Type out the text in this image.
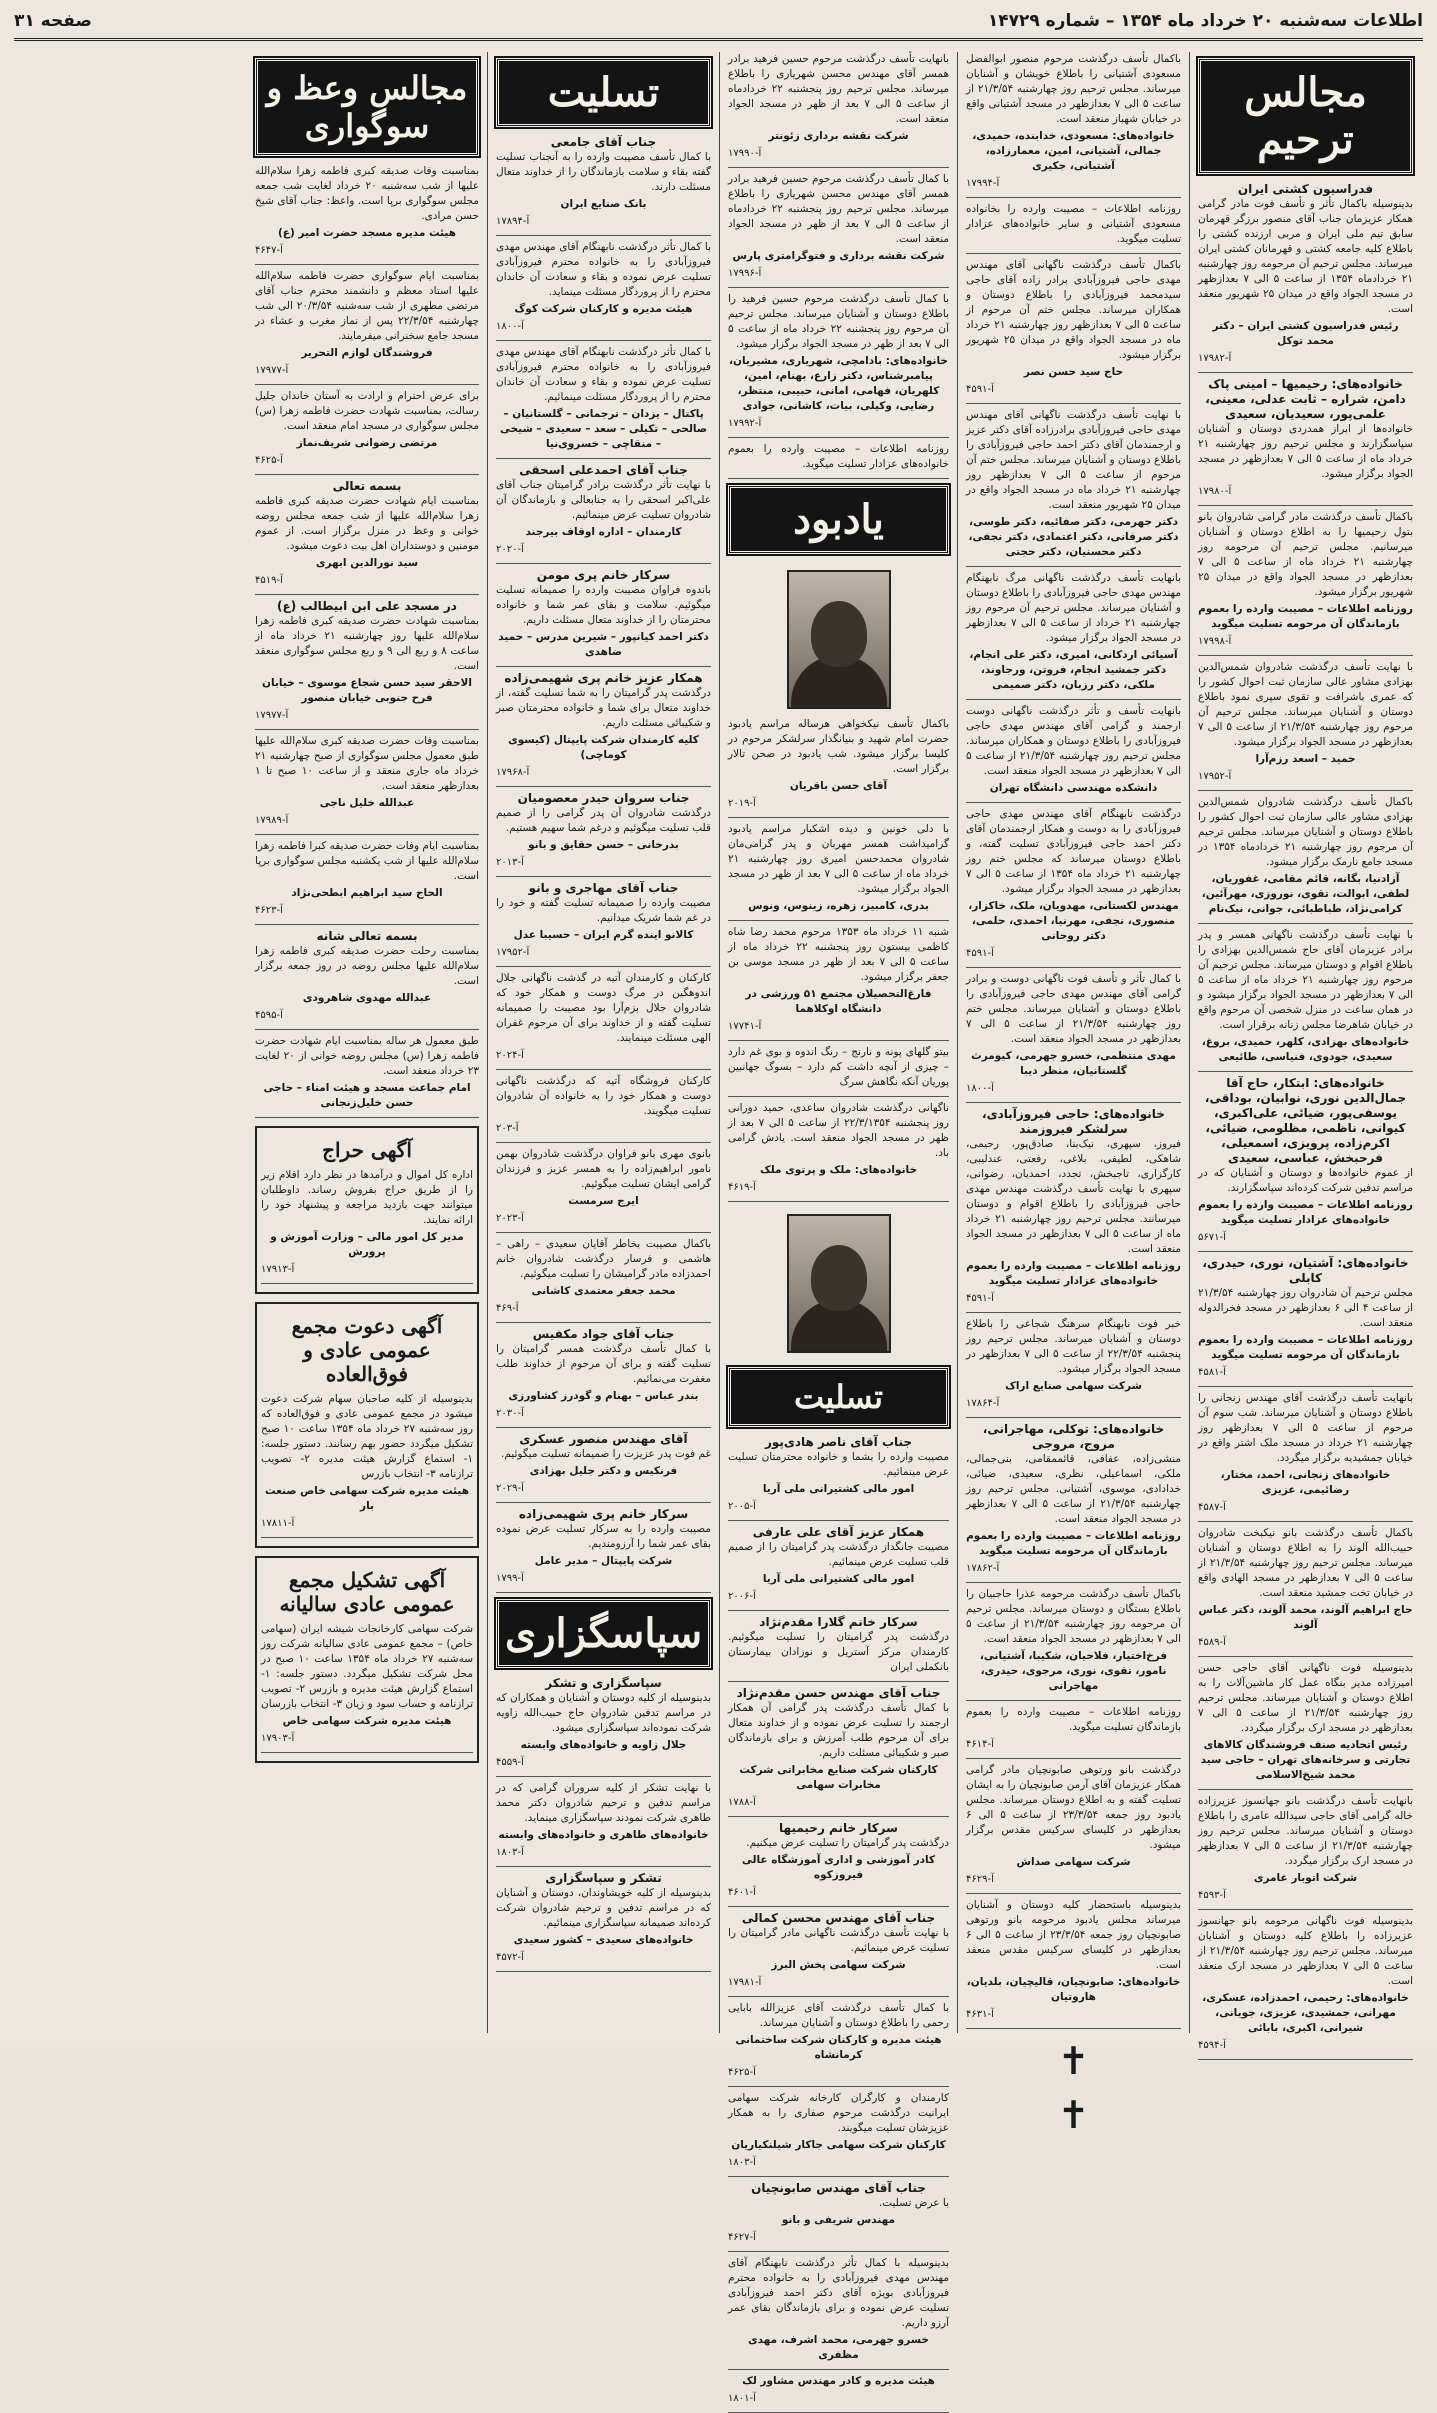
اطلاعات سه‌شنبه ۲۰ خرداد ماه ۱۳۵۴ – شماره ۱۴۷۲۹
صفحه ۳۱
مجالس ترحیم
فدراسیون کشتی ایران

بدینوسیله باکمال تأثر و تأسف فوت مادر گرامی همکار عزیزمان جناب آقای منصور برزگر قهرمان سابق تیم ملی ایران و مربی ارزنده کشتی را باطلاع کلیه جامعه کشتی و قهرمانان کشتی ایران میرساند. مجلس ترحیم آن مرحومه روز چهارشنبه ۲۱ خردادماه ۱۳۵۴ از ساعت ۵ الی ۷ بعدازظهر در مسجد الجواد واقع در میدان ۲۵ شهریور منعقد است.

رئیس فدراسیون کشتی ایران – دکتر محمد توکل
آ-۱۷۹۸۲
خانواده‌های: رحیمیها – امینی پاک دامن، شراره – ثابت عدلی، معینی، علمی‌پور، سعیدیان، سعیدی

خانواده‌ها از ابراز همدردی دوستان و آشنایان سپاسگزارند و مجلس ترحیم روز چهارشنبه ۲۱ خرداد ماه از ساعت ۵ الی ۷ بعدازظهر در مسجد الجواد برگزار میشود.

آ-۱۷۹۸۰

باکمال تأسف درگذشت مادر گرامی شادروان بانو بتول رحیمیها را به اطلاع دوستان و آشنایان میرسانیم. مجلس ترحیم آن مرحومه روز چهارشنبه ۲۱ خرداد ماه از ساعت ۵ الی ۷ بعدازظهر در مسجد الجواد واقع در میدان ۲۵ شهریور برگزار میشود.

روزنامه اطلاعات – مصیبت وارده را بعموم بازماندگان آن مرحومه تسلیت میگوید
آ-۱۷۹۹۸

با نهایت تأسف درگذشت شادروان شمس‌الدین بهزادی مشاور عالی سازمان ثبت احوال کشور را که عمری باشرافت و تقوی سپری نمود باطلاع دوستان و آشنایان میرساند. مجلس ترحیم آن مرحوم روز چهارشنبه ۲۱/۳/۵۴ از ساعت ۵ الی ۷ بعدازظهر در مسجد الجواد برگزار میشود.

حمید – اسعد رزم‌آرا
آ-۱۷۹۵۲

باکمال تأسف درگذشت شادروان شمس‌الدین بهزادی مشاور عالی سازمان ثبت احوال کشور را باطلاع دوستان و آشنایان میرساند. مجلس ترحیم آن مرحوم روز چهارشنبه ۲۱ خردادماه ۱۳۵۴ در مسجد جامع نارمک برگزار میشود.

آزادنیا، بگانه، قائم مقامی، غفوریان، لطفی، ابوالت، تقوی، نوروزی، مهرآئین، کرامی‌نژاد، طباطبائی، جوانی، نیک‌نام

با نهایت تأسف درگذشت ناگهانی همسر و پدر برادر عزیزمان آقای حاج شمس‌الدین بهزادی را باطلاع اقوام و دوستان میرساند. مجلس ترحیم آن مرحوم روز چهارشنبه ۲۱ خرداد ماه از ساعت ۵ الی ۷ بعدازظهر در مسجد الجواد برگزار میشود و در همان ساعت در منزل شخصی آن مرحوم واقع در خیابان شاهرضا مجلس زنانه برقرار است.

خانواده‌های بهزادی، کلهر، حمیدی، بروغ، سعیدی، جودوی، فنیاسی، طائیعی
خانواده‌های: ابتکار، حاج آقا جمال‌الدین نوری، نوابیان، بوداقی، یوسفی‌پور، ضیائی، علی‌اکبری، کیوانی، ناظمی، مظلومی، ضیائی، اکرم‌زاده، پرویزی، اسمعیلی، فرحبخش، عباسی، سعیدی

از عموم خانواده‌ها و دوستان و آشنایان که در مراسم تدفین شرکت کرده‌اند سپاسگزارند.

روزنامه اطلاعات – مصیبت وارده را بعموم خانواده‌های عزادار تسلیت میگوید
آ-۵۶۷۱
خانواده‌های: آشتیان، نوری، حیدری، کابلی

مجلس ترحیم آن شادروان روز چهارشنبه ۲۱/۳/۵۴ از ساعت ۴ الی ۶ بعدازظهر در مسجد فخرالدوله منعقد است.

روزنامه اطلاعات – مصیبت وارده را بعموم بازماندگان آن مرحومه تسلیت میگوید
آ-۴۵۸۱

بانهایت تأسف درگذشت آقای مهندس زنجانی را باطلاع دوستان و آشنایان میرساند. شب سوم آن مرحوم از ساعت ۵ الی ۷ بعدازظهر روز چهارشنبه ۲۱ خرداد در مسجد ملک اشتر واقع در خیابان جمشیدیه برگزار میگردد.

خانواده‌های زنجانی، احمد، مختار، رضائیمی، عزیزی
آ-۴۵۸۷

باکمال تأسف درگذشت بانو نیکبخت شادروان حبیب‌الله آلوند را به اطلاع دوستان و آشنایان میرساند. مجلس ترحیم روز چهارشنبه ۲۱/۳/۵۴ از ساعت ۵ الی ۷ بعدازظهر در مسجد الهادی واقع در خیابان تخت جمشید منعقد است.

حاج ابراهیم آلوند، محمد آلوند، دکتر عباس آلوند
آ-۴۵۸۹

بدینوسیله فوت ناگهانی آقای حاجی حسن امیرزاده مدیر بنگاه عمل کار ماشین‌آلات را به اطلاع دوستان و آشنایان میرساند. مجلس ترحیم روز چهارشنبه ۲۱/۳/۵۴ از ساعت ۵ الی ۷ بعدازظهر در مسجد ارک برگزار میگردد.

رئیس اتحادیه صنف فروشندگان کالاهای تجارتی و سرخانه‌های تهران – حاجی سید محمد شیخ‌الاسلامی

بانهایت تأسف درگذشت بانو جهانسوز عزیرزاده خاله گرامی آقای حاجی سیدالله عامری را باطلاع دوستان و آشنایان میرساند. مجلس ترحیم روز چهارشنبه ۲۱/۳/۵۴ از ساعت ۵ الی ۷ بعدازظهر در مسجد ارک برگزار میگردد.

شرکت اتوبار عامری
آ-۴۵۹۳

بدینوسیله فوت ناگهانی مرحومه بانو جهانسوز عزیرزاده را باطلاع کلیه دوستان و آشنایان میرساند. مجلس ترحیم روز چهارشنبه ۲۱/۳/۵۴ از ساعت ۵ الی ۷ بعدازظهر در مسجد ارک منعقد است.

خانواده‌های: رحیمی، احمدزاده، عسکری، مهرانی، جمشیدی، عزیزی، جویانی، شیرانی، اکبری، بابائی
آ-۴۵۹۴

باکمال تأسف درگذشت مرحوم منصور ابوالفضل مسعودی آشتیانی را باطلاع خویشان و آشنایان میرساند. مجلس ترحیم روز چهارشنبه ۲۱/۳/۵۴ از ساعت ۵ الی ۷ بعدازظهر در مسجد آشتیانی واقع در خیابان شهباز منعقد است.

خانواده‌های: مسعودی، خدابنده، حمیدی، جمالی، آشتیانی، امین، معمارزاده، آشتیانی، جکیری
آ-۱۷۹۹۴

روزنامه اطلاعات – مصیبت وارده را بخانواده مسعودی آشتیانی و سایر خانواده‌های عزادار تسلیت میگوید.

باکمال تأسف درگذشت ناگهانی آقای مهندس مهدی حاجی فیروزآبادی برادر زاده آقای حاجی سیدمحمد فیروزآبادی را باطلاع دوستان و همکاران میرساند. مجلس ختم آن مرحوم از ساعت ۵ الی ۷ بعدازظهر روز چهارشنبه ۲۱ خرداد ماه در مسجد الجواد واقع در میدان ۲۵ شهریور برگزار میشود.

حاج سید حسن نصر
آ-۴۵۹۱

با نهایت تأسف درگذشت ناگهانی آقای مهندس مهدی حاجی فیروزآبادی برادرزاده آقای دکتر عزیز و ارجمندمان آقای دکتر احمد حاجی فیروزآبادی را باطلاع دوستان و آشنایان میرساند. مجلس ختم آن مرحوم از ساعت ۵ الی ۷ بعدازظهر روز چهارشنبه ۲۱ خرداد ماه در مسجد الجواد واقع در میدان ۲۵ شهریور منعقد است.

دکتر جهرمی، دکتر صفائیه، دکتر طوسی، دکتر صرفانی، دکتر اعتمادی، دکتر نجفی، دکتر محسنیان، دکتر حجتی

بانهایت تأسف درگذشت ناگهانی مرگ نابهنگام مهندس مهدی حاجی فیروزآبادی را باطلاع دوستان و آشنایان میرساند. مجلس ترحیم آن مرحوم روز چهارشنبه ۲۱ خرداد از ساعت ۵ الی ۷ بعدازظهر در مسجد الجواد برگزار میشود.

آسیائی اردکانی، امیری، دکتر علی انجام، دکتر جمشید انجام، فروتن، ورجاوند، ملکی، دکتر رزبان، دکتر صمیمی

بانهایت تأسف و تأثر درگذشت ناگهانی دوست ارجمند و گرامی آقای مهندس مهدی حاجی فیروزآبادی را باطلاع دوستان و همکاران میرساند. مجلس ترحیم روز چهارشنبه ۲۱/۳/۵۴ از ساعت ۵ الی ۷ بعدازظهر در مسجد الجواد منعقد است.

دانشکده مهندسی دانشگاه تهران

درگذشت نابهنگام آقای مهندس مهدی حاجی فیروزآبادی را به دوست و همکار ارجمندمان آقای دکتر احمد حاجی فیروزآبادی تسلیت گفته، و باطلاع دوستان میرساند که مجلس ختم روز چهارشنبه ۲۱ خرداد ماه ۱۳۵۴ از ساعت ۵ الی ۷ بعدازظهر در مسجد الجواد برگزار میشود.

مهندس لکستانی، مهدویان، ملک، خاکزار، منصوری، نجفی، مهرنیا، احمدی، حلمی، دکتر روحانی
آ-۴۵۹۱

با کمال تأثر و تأسف فوت ناگهانی دوست و برادر گرامی آقای مهندس مهدی حاجی فیروزآبادی را باطلاع دوستان و آشنایان میرساند. مجلس ختم روز چهارشنبه ۲۱/۳/۵۴ از ساعت ۵ الی ۷ بعدازظهر در مسجد الجواد منعقد است.

مهدی منتظمی، خسرو جهرمی، کیومرث گلستانیان، منظر دیبا
آ-۱۸۰۰
خانواده‌های: حاجی فیروزآبادی، سرلشکر فیروزمند

فیروز، سپهری، نیک‌بنا، صادق‌پور، رحیمی، شاهکی، لطیفی، بلاغی، رفعتی، عندلیبی، کارگزاری، تاجبخش، تجدد، احمدیان، رضوانی، سپهری با نهایت تأسف درگذشت مهندس مهدی حاجی فیروزآبادی را باطلاع اقوام و دوستان میرسانند. مجلس ترحیم روز چهارشنبه ۲۱ خرداد ماه از ساعت ۵ الی ۷ بعدازظهر در مسجد الجواد منعقد است.

روزنامه اطلاعات – مصیبت وارده را بعموم خانواده‌های عزادار تسلیت میگوید
آ-۴۵۹۱

خبر فوت نابهنگام سرهنگ شجاعی را باطلاع دوستان و آشنایان میرساند. مجلس ترحیم روز پنجشنبه ۲۲/۳/۵۴ از ساعت ۵ الی ۷ بعدازظهر در مسجد الجواد برگزار میشود.

شرکت سهامی صنایع اراک
آ-۱۷۸۶۴
خانواده‌های: توکلی، مهاجرانی، مروج، مروجی

منشی‌زاده، عفافی، قائممقامی، بنی‌جمالی، ملکی، اسماعیلی، نظری، سعیدی، ضیائی، خدادادی، موسوی، آشتیانی. مجلس ترحیم روز چهارشنبه ۲۱/۳/۵۴ از ساعت ۵ الی ۷ بعدازظهر در مسجد الجواد منعقد است.

روزنامه اطلاعات – مصیبت وارده را بعموم بازماندگان آن مرحومه تسلیت میگوید
آ-۱۷۸۶۲

باکمال تأسف درگذشت مرحومه عذرا حاجبیان را باطلاع بستگان و دوستان میرساند. مجلس ترحیم آن مرحومه روز چهارشنبه ۲۱/۳/۵۴ از ساعت ۵ الی ۷ بعدازظهر در مسجد الجواد منعقد است.

فرخ‌اختیار، فلاحیان، شکیبا، آشتیانی، نامور، تقوی، نوری، مرجوی، حیدری، مهاجرانی

روزنامه اطلاعات – مصیبت وارده را بعموم بازماندگان تسلیت میگوید.

آ-۴۶۱۴

درگذشت بانو ورتوهی صابونچیان مادر گرامی همکار عزیزمان آقای آرمن صابونچیان را به ایشان تسلیت گفته و به اطلاع دوستان میرساند. مجلس یادبود روز جمعه ۲۳/۳/۵۴ از ساعت ۵ الی ۶ بعدازظهر در کلیسای سرکیس مقدس برگزار میشود.

شرکت سهامی صداش
آ-۴۶۲۹

بدینوسیله باستحضار کلیه دوستان و آشنایان میرساند مجلس یادبود مرحومه بانو ورتوهی صابونچیان روز جمعه ۲۳/۳/۵۴ از ساعت ۵ الی ۶ بعدازظهر در کلیسای سرکیس مقدس منعقد است.

خانواده‌های: صابونچیان، قالیچیان، بلدیان، هاروتیان
آ-۴۶۳۱
✝
✝

بانهایت تأسف درگذشت مرحوم حسین فرهید برادر همسر آقای مهندس محسن شهریاری را باطلاع میرساند. مجلس ترحیم روز پنجشنبه ۲۲ خردادماه از ساعت ۵ الی ۷ بعد از ظهر در مسجد الجواد منعقد است.

شرکت نقشه برداری زئونتر
آ-۱۷۹۹۰

با کمال تأسف درگذشت مرحوم حسین فرهید برادر همسر آقای مهندس محسن شهریاری را باطلاع میرساند. مجلس ترحیم روز پنجشنبه ۲۲ خردادماه از ساعت ۵ الی ۷ بعد از ظهر در مسجد الجواد منعقد است.

شرکت نقشه برداری و فتوگرامتری پارس
آ-۱۷۹۹۶

با کمال تأسف درگذشت مرحوم حسین فرهید را باطلاع دوستان و آشنایان میرساند. مجلس ترحیم آن مرحوم روز پنجشنبه ۲۲ خرداد ماه از ساعت ۵ الی ۷ بعد از ظهر در مسجد الجواد برگزار میشود.

خانواده‌های: بادامچی، شهریاری، مشیریان، پیامبرشناس، دکتر زارع، بهنام، امین، کلهریان، فهامی، امانی، حبیبی، منتظر، رضایی، وکیلی، بیات، کاشانی، جوادی
آ-۱۷۹۹۲

روزنامه اطلاعات – مصیبت وارده را بعموم خانواده‌های عزادار تسلیت میگوید.

یادبود

باکمال تأسف نیکخواهی هرساله مراسم یادبود حضرت امام شهید و بنیانگذار سرلشکر مرحوم در کلیسا برگزار میشود. شب یادبود در صحن تالار برگزار است.

آقای حسن باقریان
آ-۲۰۱۹

با دلی خونین و دیده اشکبار مراسم یادبود گرامیداشت همسر مهربان و پدر گرامی‌مان شادروان محمدحسن امیری روز چهارشنبه ۲۱ خرداد ماه از ساعت ۵ الی ۷ بعد از ظهر در مسجد الجواد برگزار میشود.

بدری، کامبیز، زهره، زینوس، ونوس

شنبه ۱۱ خرداد ماه ۱۳۵۳ مرحوم محمد رضا شاه کاظمی بیستون روز پنجشنبه ۲۲ خرداد ماه از ساعت ۵ الی ۷ بعد از ظهر در مسجد موسی بن جعفر برگزار میشود.

فارغ‌التحصیلان مجتمع ۵۱ ورزشی در دانشگاه اوکلاهما
آ-۱۷۷۴۱

بیتو گلهای پونه و نارنج – رنگ اندوه و بوی غم دارد – چیزی از آنچه داشت کم دارد – بسوگ جهانبین پوریان آنکه نگاهش سرگ

ناگهانی درگذشت شادروان ساعدی، حمید دورانی روز پنجشنبه ۲۲/۳/۱۳۵۴ از ساعت ۵ الی ۷ بعد از ظهر در مسجد الجواد منعقد است. یادش گرامی باد.

خانواده‌های: ملک و پرتوی ملک
آ-۴۶۱۹
تسلیت
جناب آقای ناصر هادی‌پور

مصیبت وارده را بشما و خانواده محترمتان تسلیت عرض مینمائیم.

امور مالی کشتیرانی ملی آریا
آ-۲۰۰۵
همکار عزیز آقای علی عارفی

مصیبت جانگداز درگذشت پدر گرامیتان را از صمیم قلب تسلیت عرض مینمائیم.

امور مالی کشتیرانی ملی آریا
آ-۲۰۰۶
سرکار خانم گلارا مقدم‌نژاد

درگذشت پدر گرامیتان را تسلیت میگوئیم. کارمندان مرکز آستریل و نوزادان بیمارستان بانکملی ایران

جناب آقای مهندس حسن مقدم‌نژاد

با کمال تأسف درگذشت پدر گرامی آن همکار ارجمند را تسلیت عرض نموده و از خداوند متعال برای آن مرحوم طلب آمرزش و برای بازماندگان صبر و شکیبائی مسئلت داریم.

کارکنان شرکت صنایع مخابراتی شرکت مخابرات سهامی
آ-۱۷۸۸
سرکار خانم رحیمیها

درگذشت پدر گرامیتان را تسلیت عرض میکنیم.

کادر آموزشی و اداری آموزشگاه عالی فیروزکوه
آ-۴۶۰۱
جناب آقای مهندس محسن کمالی

با نهایت تأسف درگذشت ناگهانی مادر گرامیتان را تسلیت عرض مینمائیم.

شرکت سهامی پخش البرز
آ-۱۷۹۸۱

با کمال تأسف درگذشت آقای عزیزالله بابایی رحمی را باطلاع دوستان و آشنایان میرساند.

هیئت مدیره و کارکنان شرکت ساختمانی کرمانشاه
آ-۴۶۲۵

کارمندان و کارگران کارخانه شرکت سهامی ایرانیت درگذشت مرحوم صفاری را به همکار عزیزشان تسلیت میگویند.

کارکنان شرکت سهامی جاکار شیلنکیاریان
آ-۱۸۰۳
جناب آقای مهندس صابونچیان

با عرض تسلیت.

مهندس شریفی و بانو
آ-۴۶۲۷

بدینوسیله با کمال تأثر درگذشت نابهنگام آقای مهندس مهدی فیروزآبادی را به خانواده محترم فیروزآبادی بویژه آقای دکتر احمد فیروزآبادی تسلیت عرض نموده و برای بازماندگان بقای عمر آرزو داریم.

خسرو جهرمی، محمد اشرف، مهدی مظفری
هیئت مدیره و کادر مهندس مشاور لک
آ-۱۸۰۱
تسلیت
جناب آقای جامعی

با کمال تأسف مصیبت وارده را به آنجناب تسلیت گفته بقاء و سلامت بازماندگان را از خداوند متعال مسئلت دارند.

بانک صنایع ایران
آ-۱۷۸۹۴

با کمال تأثر درگذشت نابهنگام آقای مهندس مهدی فیروزآبادی را به خانواده محترم فیروزآبادی تسلیت عرض نموده و بقاء و سعادت آن خاندان محترم را از پروردگار مسئلت مینماید.

هیئت مدیره و کارکنان شرکت کوگ
آ-۱۸۰۰

با کمال تأثر درگذشت نابهنگام آقای مهندس مهدی فیروزآبادی را به خانواده محترم فیروزآبادی تسلیت عرض نموده و بقاء و سعادت آن خاندان محترم را از پروردگار مسئلت مینمائیم.

پاکتال – یزدان – ترجمانی – گلستانیان – صالحی – تکیلی – سعد – سعیدی – شیخی – منقاچی – خسروی‌نیا
جناب آقای احمدعلی اسحقی

با نهایت تأثر درگذشت برادر گرامیتان جناب آقای علی‌اکبر اسحقی را به جنابعالی و بازماندگان آن شادروان تسلیت عرض مینمائیم.

کارمندان – اداره اوقاف بیرجند
آ-۲۰۲۰
سرکار خانم پری مومن

باندوه فراوان مصیبت وارده را صمیمانه تسلیت میگوئیم. سلامت و بقای عمر شما و خانواده محترمتان را از خداوند متعال مسئلت داریم.

دکتر احمد کیانپور – شیرین مدرس – حمید ضاهدی
همکار عزیز خانم پری شهیمی‌زاده

درگذشت پدر گرامیتان را به شما تسلیت گفته، از خداوند متعال برای شما و خانواده محترمتان صبر و شکیبائی مسئلت داریم.

کلیه کارمندان شرکت پایپتال (کیسوی کوماچی)
آ-۱۷۹۶۸
جناب سروان حیدر معصومیان

درگذشت شادروان آن پدر گرامی را از صمیم قلب تسلیت میگوئیم و درغم شما سهیم هستیم.

بدرخانی – حسن حقایق و بانو
آ-۲۰۱۳
جناب آقای مهاجری و بانو

مصیبت وارده را صمیمانه تسلیت گفته و خود را در غم شما شریک میدانیم.

کالانو اینده گرم ایران – حسیبا عدل
آ-۱۷۹۵۲

کارکنان و کارمندان آتیه در گذشت ناگهانی جلال اندوهگین در مرگ دوست و همکار خود که شادروان جلال بزم‌آرا بود مصیبت را صمیمانه تسلیت گفته و از خداوند برای آن مرحوم غفران الهی مسئلت مینمایند.

آ-۲۰۲۴

کارکنان فروشگاه آتیه که درگذشت ناگهانی دوست و همکار خود را به خانواده آن شادروان تسلیت میگویند.

آ-۲۰۳

بانوی مهری بانو فراوان درگذشت شادروان بهمن نامور ابراهیم‌زاده را به همسر عزیز و فرزندان گرامی ایشان تسلیت میگوئیم.

ایرج سرمست
آ-۲۰۲۳

باکمال مصیبت بخاطر آقایان سعیدی – راهی – هاشمی و فرسار درگذشت شادروان خانم احمدزاده مادر گرامیشان را تسلیت میگوئیم.

محمد جعفر معتمدی کاشانی
آ-۴۶۹
جناب آقای جواد مکفیس

با کمال تأسف درگذشت همسر گرامیتان را تسلیت گفته و برای آن مرحوم از خداوند طلب مغفرت می‌نمائیم.

بندر عباس – بهنام و گودرز کشاورزی
آ-۲۰۳۰
آقای مهندس منصور عسکری

غم فوت پدر عزیزت را صمیمانه تسلیت میگوئیم.

فرنکیس و دکتر جلیل بهزادی
آ-۲۰۲۹
سرکار خانم پری شهیمی‌زاده

مصیبت وارده را به سرکار تسلیت عرض نموده بقای عمر شما را آرزومندیم.

شرکت پایپتال – مدیر عامل
آ-۱۷۹۹
سپاسگزاری
سپاسگزاری و تشکر

بدینوسیله از کلیه دوستان و آشنایان و همکاران که در مراسم تدفین شادروان حاج حبیب‌الله زاویه شرکت نموده‌اند سپاسگزاری میشود.

جلال زاویه و خانواده‌های وابسته
آ-۴۵۵۹

با نهایت تشکر از کلیه سروران گرامی که در مراسم تدفین و ترحیم شادروان دکتر محمد طاهری شرکت نمودند سپاسگزاری مینماید.

خانواده‌های طاهری و خانواده‌های وابسته
آ-۱۸۰۳
تشکر و سپاسگزاری

بدینوسیله از کلیه خویشاوندان، دوستان و آشنایان که در مراسم تدفین و ترحیم شادروان شرکت کرده‌اند صمیمانه سپاسگزاری مینمائیم.

خانواده‌های سعیدی – کشور سعیدی
آ-۴۵۷۲
مجالس وعظ و سوگواری

بمناسبت وفات صدیقه کبری فاطمه زهرا سلام‌الله علیها از شب سه‌شنبه ۲۰ خرداد لغایت شب جمعه مجلس سوگواری برپا است. واعظ: جناب آقای شیخ حسن مرادی.

هیئت مدیره مسجد حضرت امیر (ع)
آ-۴۶۴۷

بمناسبت ایام سوگواری حضرت فاطمه سلام‌الله علیها استاد معظم و دانشمند محترم جناب آقای مرتضی مطهری از شب سه‌شنبه ۲۰/۳/۵۴ الی شب چهارشنبه ۲۲/۳/۵۴ پس از نماز مغرب و عشاء در مسجد جامع سخنرانی میفرمایند.

فروشندگان لوازم التحریر
آ-۱۷۹۷۷

برای عرض احترام و ارادت به آستان خاندان جلیل رسالت، بمناسبت شهادت حضرت فاطمه زهرا (س) مجلس سوگواری در مسجد امام منعقد است.

مرتضی رضوانی شریف‌نماز
آ-۴۶۲۵
بسمه تعالی

بمناسبت ایام شهادت حضرت صدیقه کبری فاطمه زهرا سلام‌الله علیها از شب جمعه مجلس روضه خوانی و وعظ در منزل برگزار است. از عموم مومنین و دوستداران اهل بیت دعوت میشود.

سید نورالدین ابهری
آ-۴۵۱۹
در مسجد علی ابن ابیطالب (ع)

بمناسبت شهادت حضرت صدیقه کبری فاطمه زهرا سلام‌الله علیها روز چهارشنبه ۲۱ خرداد ماه از ساعت ۸ و ربع الی ۹ و ربع مجلس سوگواری منعقد است.

الاحقر سید حسن شجاع موسوی – خیابان فرح جنوبی خیابان منصور
آ-۱۷۹۷۷

بمناسبت وفات حضرت صدیقه کبری سلام‌الله علیها طبق معمول مجلس سوگواری از صبح چهارشنبه ۲۱ خرداد ماه جاری منعقد و از ساعت ۱۰ صبح تا ۱ بعدازظهر منعقد است.

عبدالله خلیل ناجی
آ-۱۷۹۸۹

بمناسبت ایام وفات حضرت صدیقه کبرا فاطمه زهرا سلام‌الله علیها از شب یکشنبه مجلس سوگواری برپا است.

الحاج سید ابراهیم ابطحی‌نژاد
آ-۴۶۲۳
بسمه تعالی شانه

بمناسبت رحلت حضرت صدیقه کبری فاطمه زهرا سلام‌الله علیها مجلس روضه در روز جمعه برگزار است.

عبدالله مهدوی شاهرودی
آ-۴۵۹۵

طبق معمول هر ساله بمناسبت ایام شهادت حضرت فاطمه زهرا (س) مجلس روضه خوانی از ۲۰ لغایت ۲۳ خرداد منعقد است.

امام جماعت مسجد و هیئت امناء – حاجی حسن خلیل‌زنجانی
آگهی حراج

اداره کل اموال و درآمدها در نظر دارد اقلام زیر را از طریق حراج بفروش رساند. داوطلبان میتوانند جهت بازدید مراجعه و پیشنهاد خود را ارائه نمایند.

مدیر کل امور مالی – وزارت آموزش و پرورش
آ-۱۷۹۱۳
آگهی دعوت مجمع عمومی عادی و فوق‌العاده

بدینوسیله از کلیه صاحبان سهام شرکت دعوت میشود در مجمع عمومی عادی و فوق‌العاده که روز سه‌شنبه ۲۷ خرداد ماه ۱۳۵۴ ساعت ۱۰ صبح تشکیل میگردد حضور بهم رسانند. دستور جلسه: ۱- استماع گزارش هیئت مدیره ۲- تصویب ترازنامه ۳- انتخاب بازرس

هیئت مدیره شرکت سهامی خاص صنعت بار
آ-۱۷۸۱۱
آگهی تشکیل مجمع عمومی عادی سالیانه

شرکت سهامی کارخانجات شیشه ایران (سهامی خاص) – مجمع عمومی عادی سالیانه شرکت روز سه‌شنبه ۲۷ خرداد ماه ۱۳۵۴ ساعت ۱۰ صبح در محل شرکت تشکیل میگردد. دستور جلسه: ۱- استماع گزارش هیئت مدیره و بازرس ۲- تصویب ترازنامه و حساب سود و زیان ۳- انتخاب بازرسان

هیئت مدیره شرکت سهامی خاص
آ-۱۷۹۰۳
